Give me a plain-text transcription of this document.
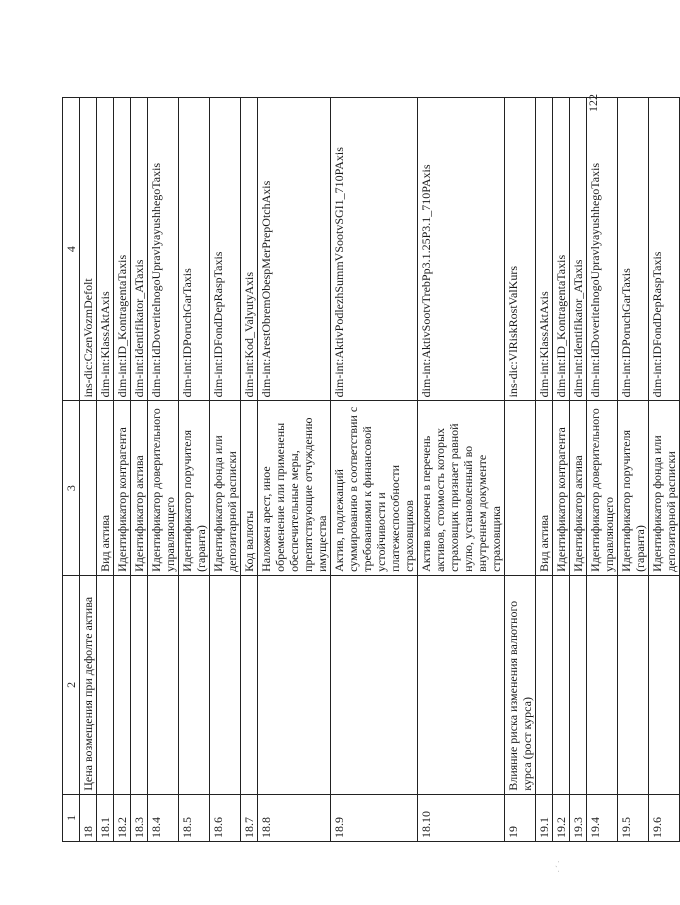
122
1	2	3	4
18	Цена возмещения при дефолте актива		ins-dic:CzenVozmDefolt
18.1		Вид актива	dim-int:KlassAktAxis
18.2		Идентификатор контрагента	dim-int:ID_KontragentaTaxis
18.3		Идентификатор актива	dim-int:Identifikator_ATaxis
18.4		Идентификатор доверительного управляющего	dim-int:IdDoveritelnogoUpravlyayushhegoTaxis
18.5		Идентификатор поручителя (гаранта)	dim-int:IDPoruchGarTaxis
18.6		Идентификатор фонда или депозитарной расписки	dim-int:IDFondDepRaspTaxis
18.7		Код валюты	dim-int:Kod_ValyutyAxis
18.8		Наложен арест, иное обременение или применены обеспечительные меры, препятствующие отчуждению имущества	dim-int:ArestObremObespMerPrepOtchAxis
18.9		Актив, подлежащий суммированию в соответствии с требованиями к финансовой устойчивости и платежеспособности страховщиков	dim-int:AktivPodlezhSummVSootvSGI1_710PAxis
18.10		Актив включен в перечень активов, стоимость которых страховщик признает равной нулю, установленный во внутреннем документе страховщика	dim-int:AktivSootvTrebPp3.1.25P3.1_710PAxis
19	Влияние риска изменения валютного курса (рост курса)		ins-dic:VlRiskRostValKurs
19.1		Вид актива	dim-int:KlassAktAxis
19.2		Идентификатор контрагента	dim-int:ID_KontragentaTaxis
19.3		Идентификатор актива	dim-int:Identifikator_ATaxis
19.4		Идентификатор доверительного управляющего	dim-int:IdDoveritelnogoUpravlyayushhegoTaxis
19.5		Идентификатор поручителя (гаранта)	dim-int:IDPoruchGarTaxis
19.6		Идентификатор фонда или депозитарной расписки	dim-int:IDFondDepRaspTaxis
· ´ ·
